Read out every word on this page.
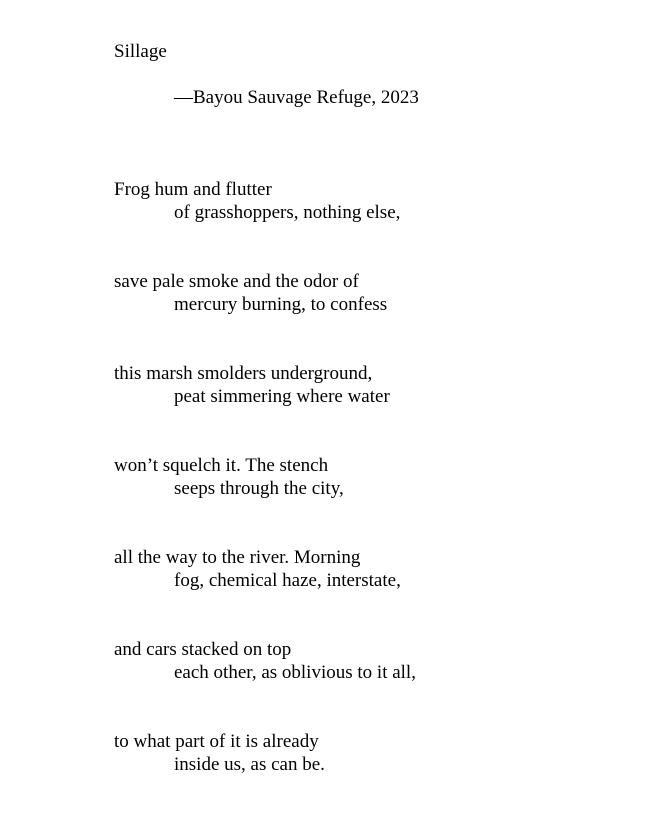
Sillage
—Bayou Sauvage Refuge, 2023
Frog hum and flutter
of grasshoppers, nothing else,
save pale smoke and the odor of
mercury burning, to confess
this marsh smolders underground,
peat simmering where water
won’t squelch it. The stench
seeps through the city,
all the way to the river. Morning
fog, chemical haze, interstate,
and cars stacked on top
each other, as oblivious to it all,
to what part of it is already
inside us, as can be.
